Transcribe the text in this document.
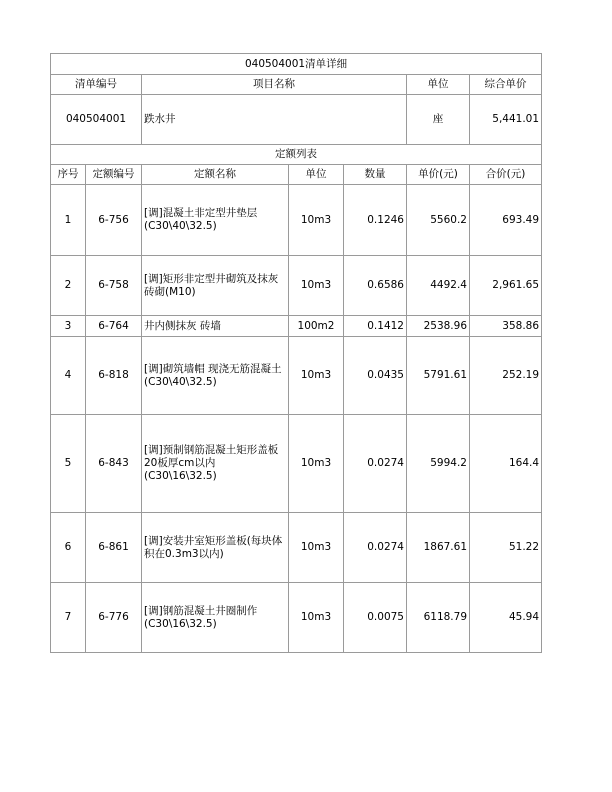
040504001清单详细						
清单编号		项目名称			单位	综合单价
040504001		跌水井			座	5,441.01
定额列表						
序号	定额编号	定额名称	单位	数量	单价(元)	合价(元)
1	6-756	[调]混凝土非定型井垫层(C30\40\32.5)	10m3	0.1246	5560.2	693.49
2	6-758	[调]矩形非定型井砌筑及抹灰 砖砌(M10)	10m3	0.6586	4492.4	2,961.65
3	6-764	井内侧抹灰 砖墙	100m2	0.1412	2538.96	358.86
4	6-818	[调]砌筑墙帽 现浇无筋混凝土(C30\40\32.5)	10m3	0.0435	5791.61	252.19
5	6-843	[调]预制钢筋混凝土矩形盖板20板厚cm以内(C30\16\32.5)	10m3	0.0274	5994.2	164.4
6	6-861	[调]安装井室矩形盖板(每块体积在0.3m3以内)	10m3	0.0274	1867.61	51.22
7	6-776	[调]钢筋混凝土井圈制作(C30\16\32.5)	10m3	0.0075	6118.79	45.94
